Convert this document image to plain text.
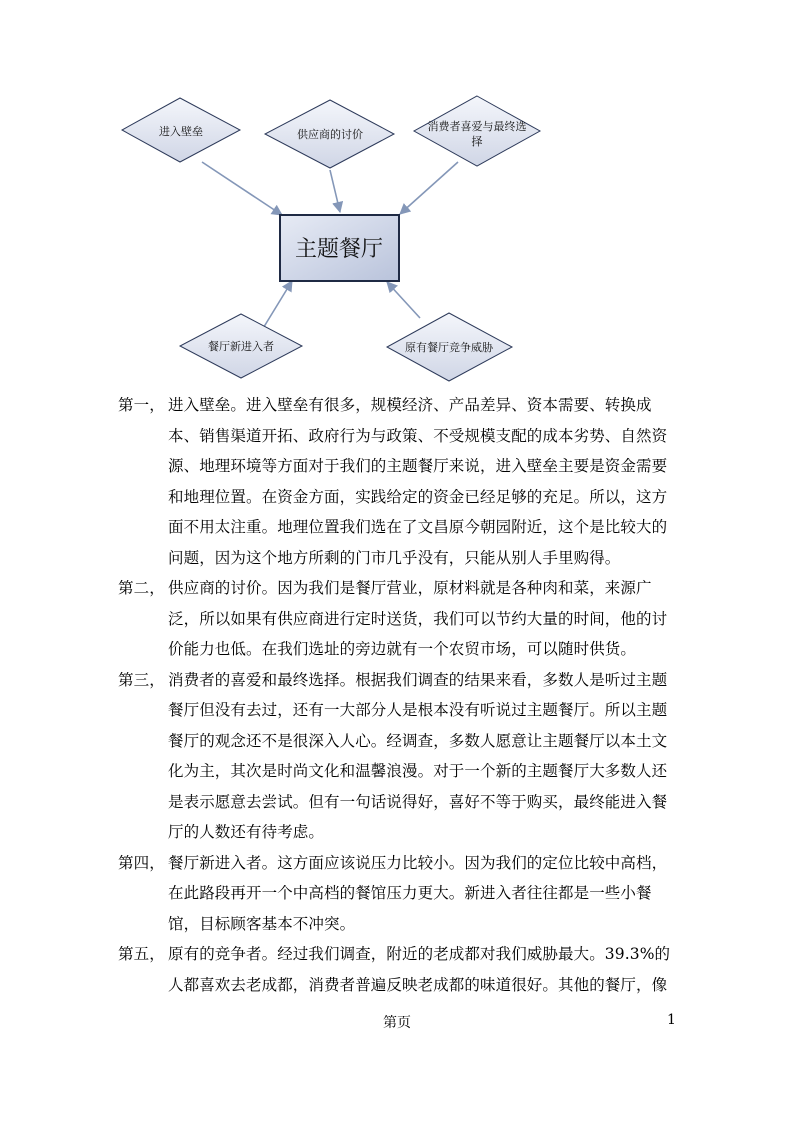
主题餐厅
进入壁垒	供应商的讨价
消费者喜爱与最终选
择
餐厅新进入者	原有餐厅竞争威胁
第一， 进入壁垒。进入壁垒有很多，规模经济、产品差异、资本需要、转换成本、销售渠道开拓、政府行为与政策、不受规模支配的成本劣势、自然资源、地理环境等方面对于我们的主题餐厅来说，进入壁垒主要是资金需要和地理位置。在资金方面，实践给定的资金已经足够的充足。所以，这方面不用太注重。地理位置我们选在了文昌原今朝园附近，这个是比较大的问题，因为这个地方所剩的门市几乎没有，只能从别人手里购得。
第二， 供应商的讨价。因为我们是餐厅营业，原材料就是各种肉和菜，来源广泛，所以如果有供应商进行定时送货，我们可以节约大量的时间，他的讨价能力也低。在我们选址的旁边就有一个农贸市场，可以随时供货。
第三， 消费者的喜爱和最终选择。根据我们调查的结果来看，多数人是听过主题餐厅但没有去过，还有一大部分人是根本没有听说过主题餐厅。所以主题餐厅的观念还不是很深入人心。经调查，多数人愿意让主题餐厅以本土文化为主，其次是时尚文化和温馨浪漫。对于一个新的主题餐厅大多数人还是表示愿意去尝试。但有一句话说得好，喜好不等于购买，最终能进入餐厅的人数还有待考虑。
第四， 餐厅新进入者。这方面应该说压力比较小。因为我们的定位比较中高档，在此路段再开一个中高档的餐馆压力更大。新进入者往往都是一些小餐馆，目标顾客基本不冲突。
第五， 原有的竞争者。经过我们调查，附近的老成都对我们威胁最大。39.3%的人都喜欢去老成都，消费者普遍反映老成都的味道很好。其他的餐厅，像
第页	1
